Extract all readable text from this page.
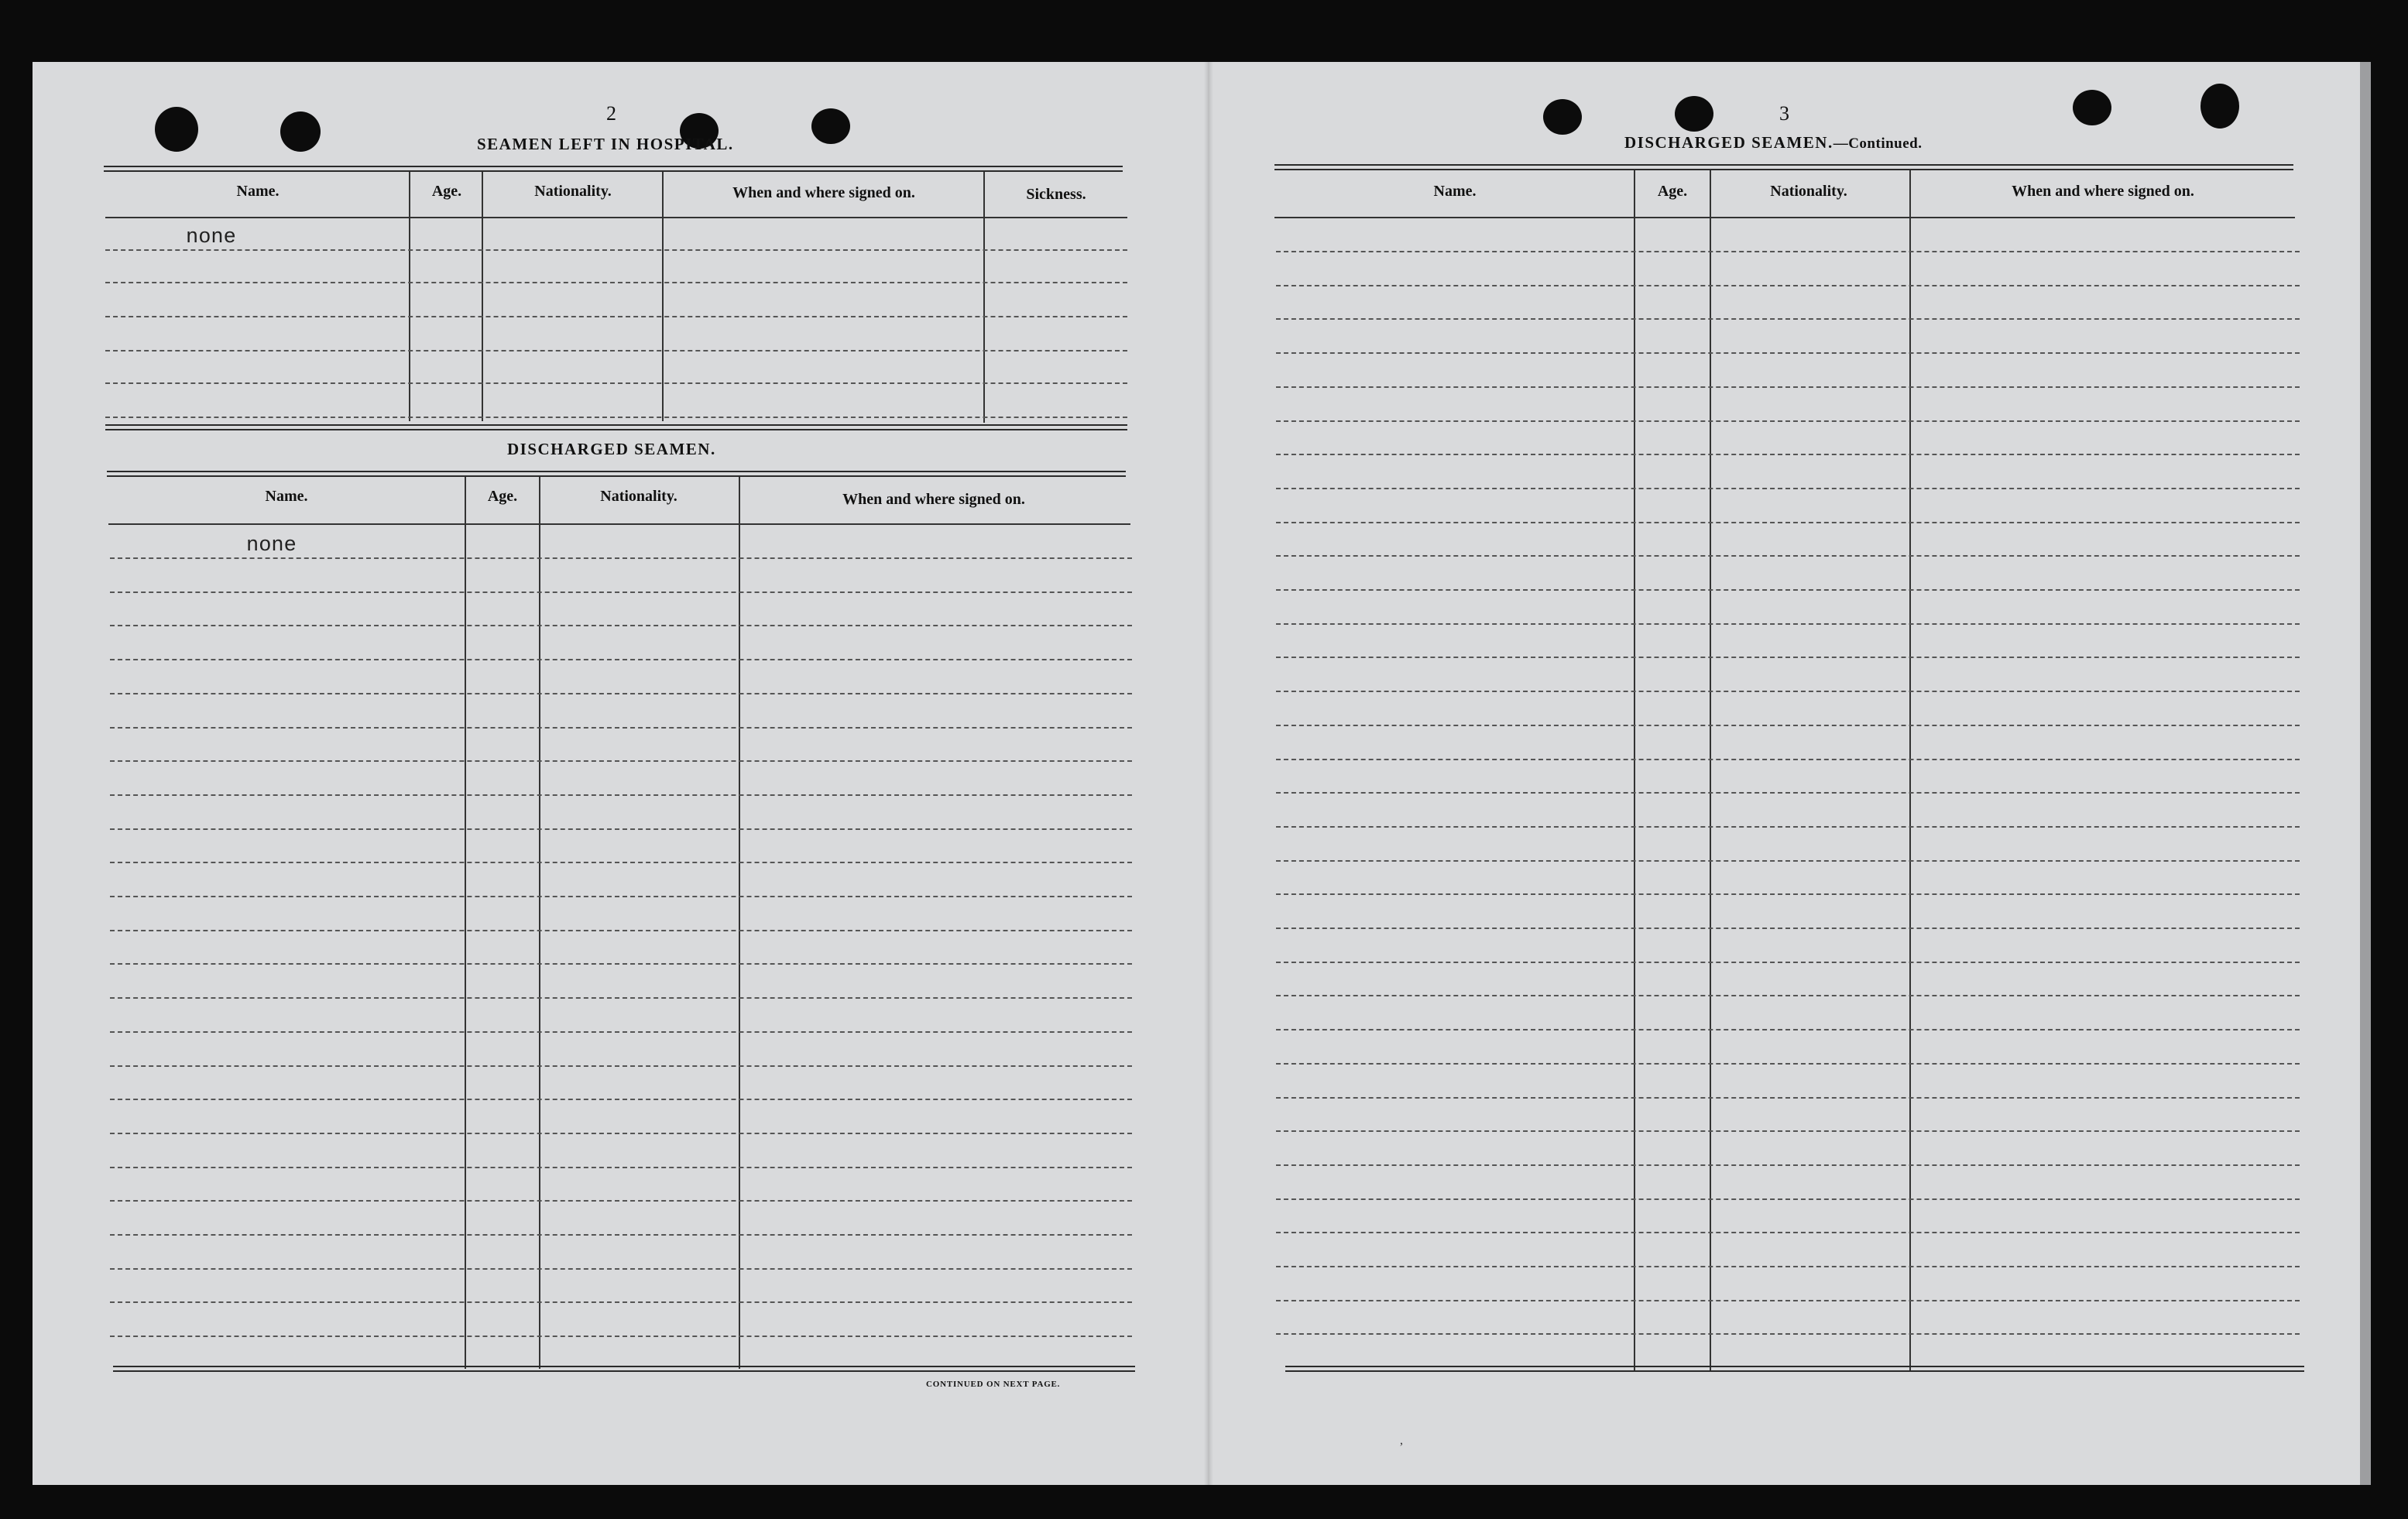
2
SEAMEN LEFT IN HOSPITAL.
Name.	Age.	Nationality.	When and where signed on.	Sickness.
none
DISCHARGED SEAMEN.
Name.	Age.	Nationality.	When and where signed on.
none
CONTINUED ON NEXT PAGE.
3
DISCHARGED SEAMEN.—Continued.
Name.	Age.	Nationality.	When and where signed on.
,
